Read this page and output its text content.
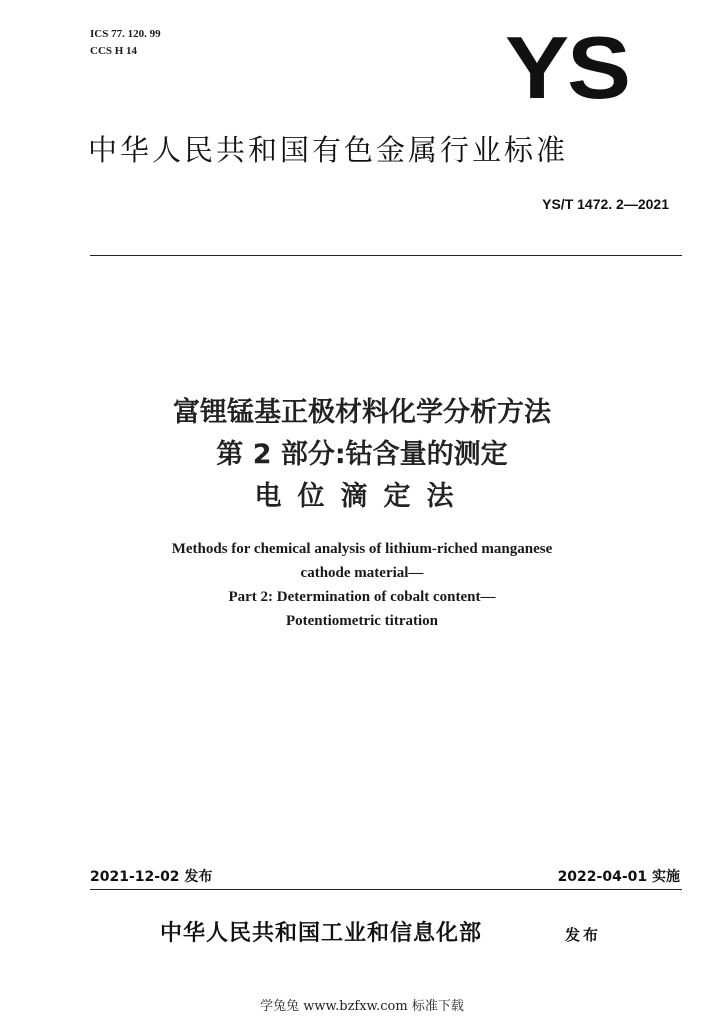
ICS 77. 120. 99
CCS H 14	YS
中华人民共和国有色金属行业标准
YS/T 1472. 2—2021
富锂锰基正极材料化学分析方法
第 2 部分:钴含量的测定
电位滴定法
Methods for chemical analysis of lithium-riched manganese
cathode material—
Part 2: Determination of cobalt content—
Potentiometric titration
2021-12-02 发布	2022-04-01 实施
中华人民共和国工业和信息化部	发布
学兔兔 www.bzfxw.com 标准下载
